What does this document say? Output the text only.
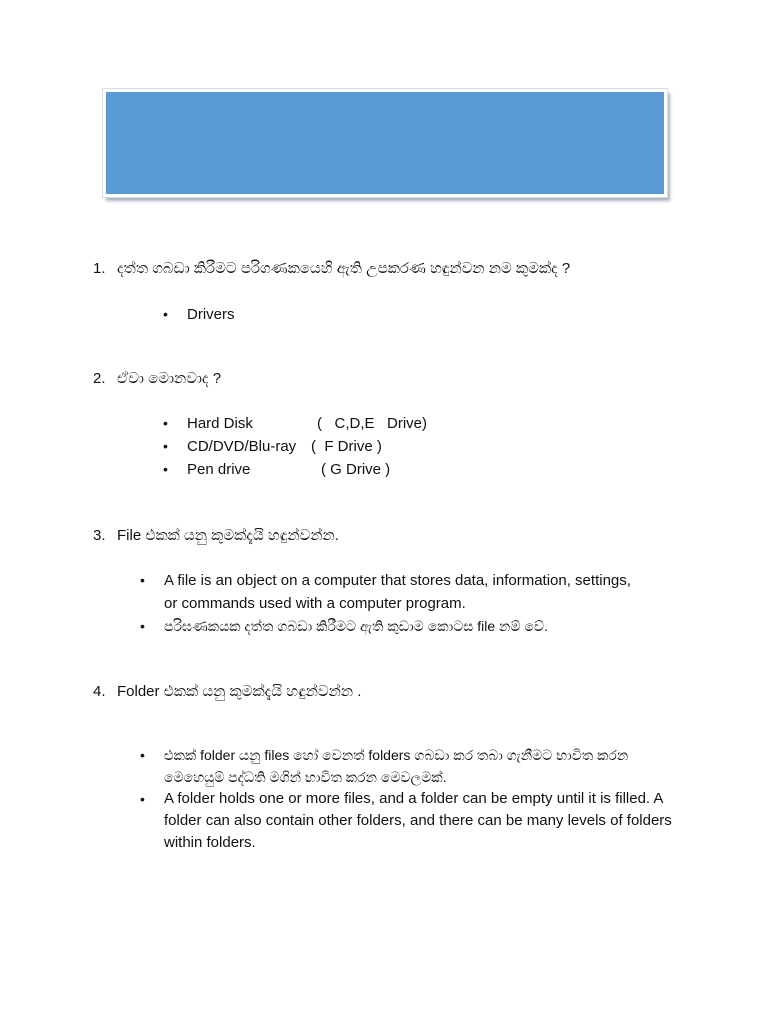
1. දත්ත ගබඩා කිරීමට පරිගණකයෙහි ඇති උපකරණ හඳුන්වන නම කුමක්ද ?
•	Drivers
2. ඒවා මොනවාද ?
•	Hard Disk	(   C,D,E   Drive)
•	CD/DVD/Blu-ray (  F Drive )
•	Pen drive	( G Drive )
3. File එකක් යනු කුමක්දැයි හඳුන්වන්න.
•	A file is an object on a computer that stores data, information, settings, or commands used with a computer program.
•	පරිඝණකයක දත්ත ගබඩා කිරීමට ඇති කුඩාම කොටස file නම් වේ.
4. Folder එකක් යනු කුමක්දැයි හඳුන්වන්න .
•	එකක් folder යනු files හෝ වෙනත් folders ගබඩා කර තබා ගැනීමට භාවිත කරන මෙහෙයුම් පද්ධති මගින් භාවිත කරන මෙවලමක්.
•	A folder holds one or more files, and a folder can be empty until it is filled. A folder can also contain other folders, and there can be many levels of folders within folders.
